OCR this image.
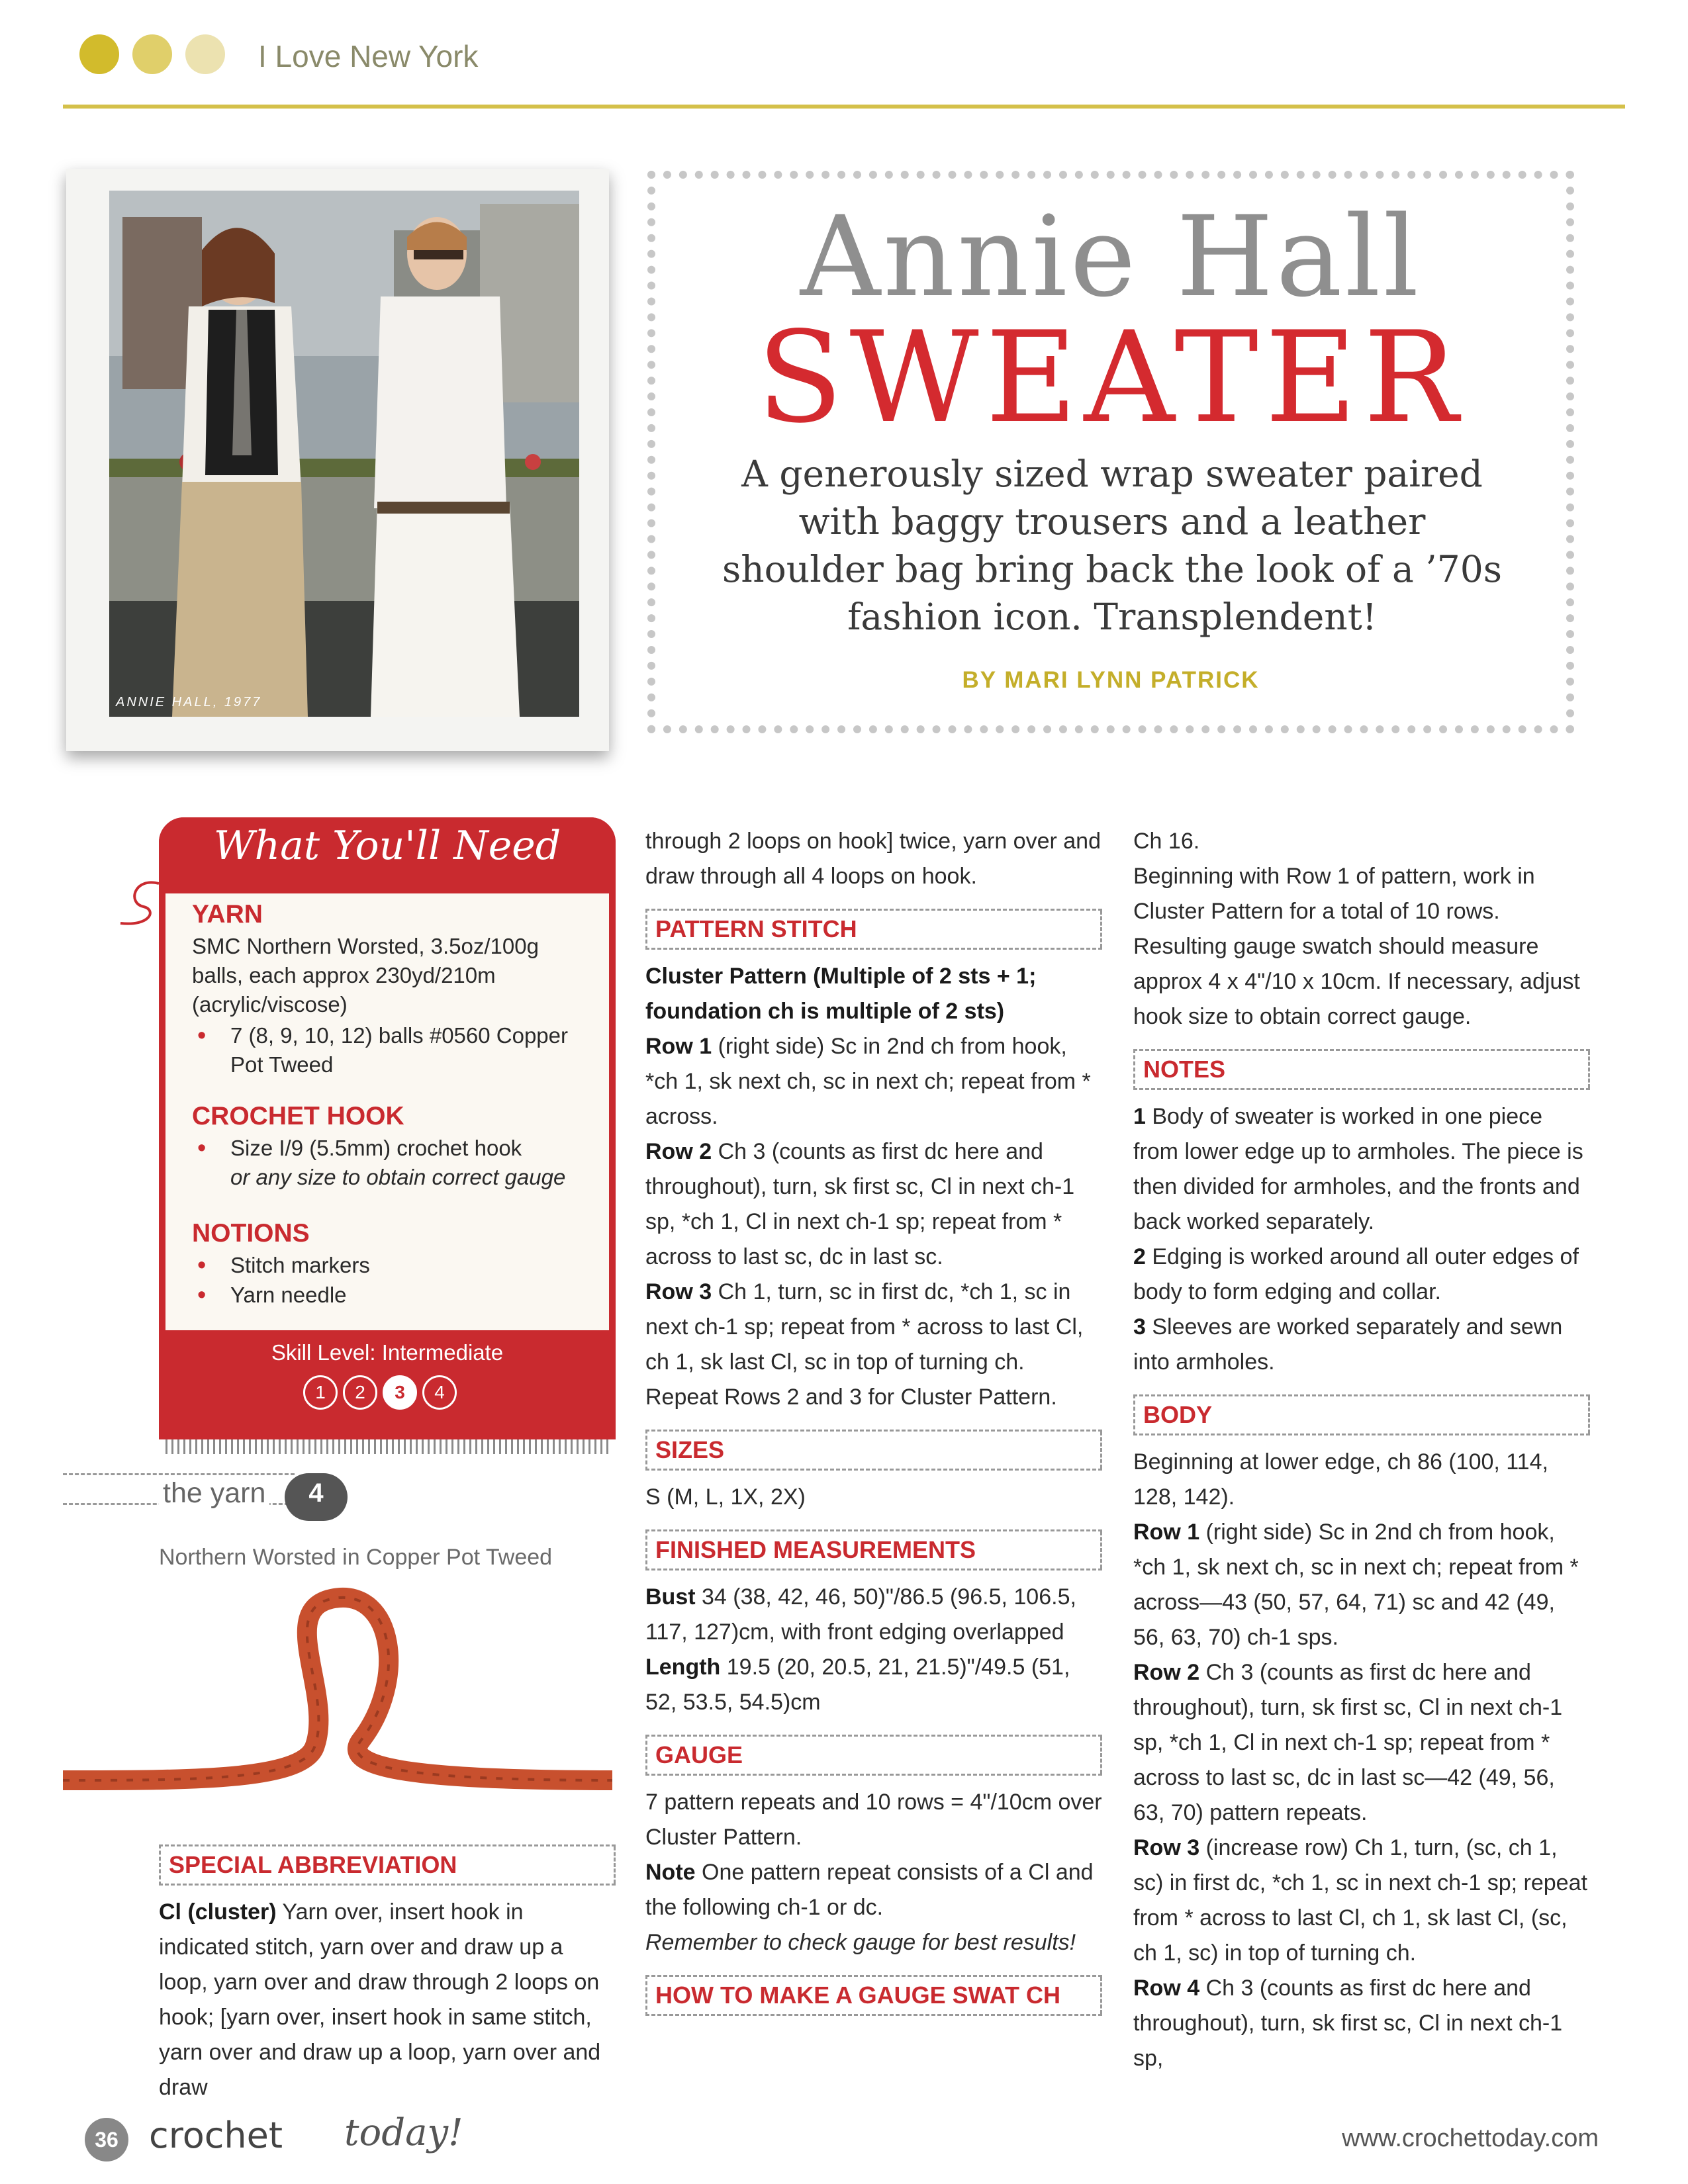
I Love New York
ANNIE HALL, 1977
Annie Hall
SWEATER
A generously sized wrap sweater paired with baggy trousers and a leather shoulder bag bring back the look of a ’70s fashion icon. Transplendent!
BY MARI LYNN PATRICK
What You'll Need
YARN
SMC Northern Worsted, 3.5oz/100g balls, each approx 230yd/210m (acrylic/viscose)
• 7 (8, 9, 10, 12) balls #0560 Copper Pot Tweed
CROCHET HOOK
• Size I/9 (5.5mm) crochet hook
or any size to obtain correct gauge
NOTIONS
• Stitch markers
• Yarn needle
Skill Level: Intermediate
1	2	3	4
the yarn	4
Northern Worsted in Copper Pot Tweed
SPECIAL ABBREVIATION

Cl (cluster) Yarn over, insert hook in indicated stitch, yarn over and draw up a loop, yarn over and draw through 2 loops on hook; [yarn over, insert hook in same stitch, yarn over and draw up a loop, yarn over and draw

through 2 loops on hook] twice, yarn over and draw through all 4 loops on hook.

PATTERN STITCH

Cluster Pattern (Multiple of 2 sts + 1; foundation ch is multiple of 2 sts)

Row 1 (right side) Sc in 2nd ch from hook, *ch 1, sk next ch, sc in next ch; repeat from * across.

Row 2 Ch 3 (counts as first dc here and throughout), turn, sk first sc, Cl in next ch-1 sp, *ch 1, Cl in next ch-1 sp; repeat from * across to last sc, dc in last sc.

Row 3 Ch 1, turn, sc in first dc, *ch 1, sc in next ch-1 sp; repeat from * across to last Cl, ch 1, sk last Cl, sc in top of turning ch.

Repeat Rows 2 and 3 for Cluster Pattern.

SIZES

S (M, L, 1X, 2X)

FINISHED MEASUREMENTS

Bust 34 (38, 42, 46, 50)"/86.5 (96.5, 106.5, 117, 127)cm, with front edging overlapped

Length 19.5 (20, 20.5, 21, 21.5)"/49.5 (51, 52, 53.5, 54.5)cm

GAUGE

7 pattern repeats and 10 rows = 4"/10cm over Cluster Pattern.

Note One pattern repeat consists of a Cl and the following ch-1 or dc.

Remember to check gauge for best results!

HOW TO MAKE A GAUGE SWAT CH

Ch 16.
Beginning with Row 1 of pattern, work in Cluster Pattern for a total of 10 rows. Resulting gauge swatch should measure approx 4 x 4"/10 x 10cm. If necessary, adjust hook size to obtain correct gauge.

NOTES

1 Body of sweater is worked in one piece from lower edge up to armholes. The piece is then divided for armholes, and the fronts and back worked separately.

2 Edging is worked around all outer edges of body to form edging and collar.

3 Sleeves are worked separately and sewn into armholes.

BODY

Beginning at lower edge, ch 86 (100, 114, 128, 142).

Row 1 (right side) Sc in 2nd ch from hook, *ch 1, sk next ch, sc in next ch; repeat from * across—43 (50, 57, 64, 71) sc and 42 (49, 56, 63, 70) ch-1 sps.

Row 2 Ch 3 (counts as first dc here and throughout), turn, sk first sc, Cl in next ch-1 sp, *ch 1, Cl in next ch-1 sp; repeat from * across to last sc, dc in last sc—42 (49, 56, 63, 70) pattern repeats.

Row 3 (increase row) Ch 1, turn, (sc, ch 1, sc) in first dc, *ch 1, sc in next ch-1 sp; repeat from * across to last Cl, ch 1, sk last Cl, (sc, ch 1, sc) in top of turning ch.

Row 4 Ch 3 (counts as first dc here and throughout), turn, sk first sc, Cl in next ch-1 sp,

36 crochet today!	www.crochettoday.com
